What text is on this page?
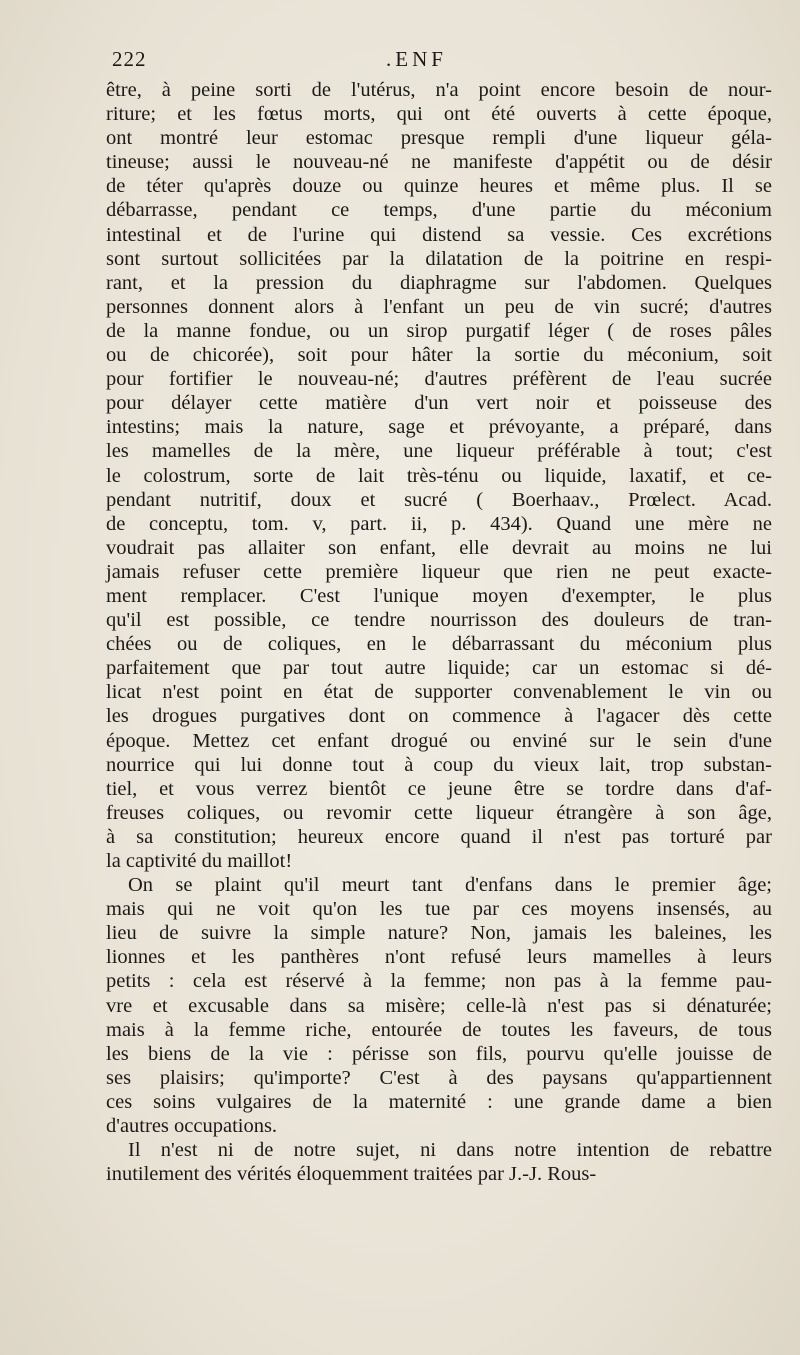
222	.ENF
être, à peine sorti de l'utérus, n'a point encore besoin de nour-
riture; et les fœtus morts, qui ont été ouverts à cette époque,
ont montré leur estomac presque rempli d'une liqueur géla-
tineuse; aussi le nouveau-né ne manifeste d'appétit ou de désir
de téter qu'après douze ou quinze heures et même plus. Il se
débarrasse, pendant ce temps, d'une partie du méconium
intestinal et de l'urine qui distend sa vessie. Ces excrétions
sont surtout sollicitées par la dilatation de la poitrine en respi-
rant, et la pression du diaphragme sur l'abdomen. Quelques
personnes donnent alors à l'enfant un peu de vin sucré; d'autres
de la manne fondue, ou un sirop purgatif léger ( de roses pâles
ou de chicorée), soit pour hâter la sortie du méconium, soit
pour fortifier le nouveau-né; d'autres préfèrent de l'eau sucrée
pour délayer cette matière d'un vert noir et poisseuse des
intestins; mais la nature, sage et prévoyante, a préparé, dans
les mamelles de la mère, une liqueur préférable à tout; c'est
le colostrum, sorte de lait très-ténu ou liquide, laxatif, et ce-
pendant nutritif, doux et sucré ( Boerhaav., Prœlect. Acad.
de conceptu, tom. v, part. ii, p. 434). Quand une mère ne
voudrait pas allaiter son enfant, elle devrait au moins ne lui
jamais refuser cette première liqueur que rien ne peut exacte-
ment remplacer. C'est l'unique moyen d'exempter, le plus
qu'il est possible, ce tendre nourrisson des douleurs de tran-
chées ou de coliques, en le débarrassant du méconium plus
parfaitement que par tout autre liquide; car un estomac si dé-
licat n'est point en état de supporter convenablement le vin ou
les drogues purgatives dont on commence à l'agacer dès cette
époque. Mettez cet enfant drogué ou enviné sur le sein d'une
nourrice qui lui donne tout à coup du vieux lait, trop substan-
tiel, et vous verrez bientôt ce jeune être se tordre dans d'af-
freuses coliques, ou revomir cette liqueur étrangère à son âge,
à sa constitution; heureux encore quand il n'est pas torturé par
la captivité du maillot!
On se plaint qu'il meurt tant d'enfans dans le premier âge;
mais qui ne voit qu'on les tue par ces moyens insensés, au
lieu de suivre la simple nature? Non, jamais les baleines, les
lionnes et les panthères n'ont refusé leurs mamelles à leurs
petits : cela est réservé à la femme; non pas à la femme pau-
vre et excusable dans sa misère; celle-là n'est pas si dénaturée;
mais à la femme riche, entourée de toutes les faveurs, de tous
les biens de la vie : périsse son fils, pourvu qu'elle jouisse de
ses plaisirs; qu'importe? C'est à des paysans qu'appartiennent
ces soins vulgaires de la maternité : une grande dame a bien
d'autres occupations.
Il n'est ni de notre sujet, ni dans notre intention de rebattre
inutilement des vérités éloquemment traitées par J.-J. Rous-
